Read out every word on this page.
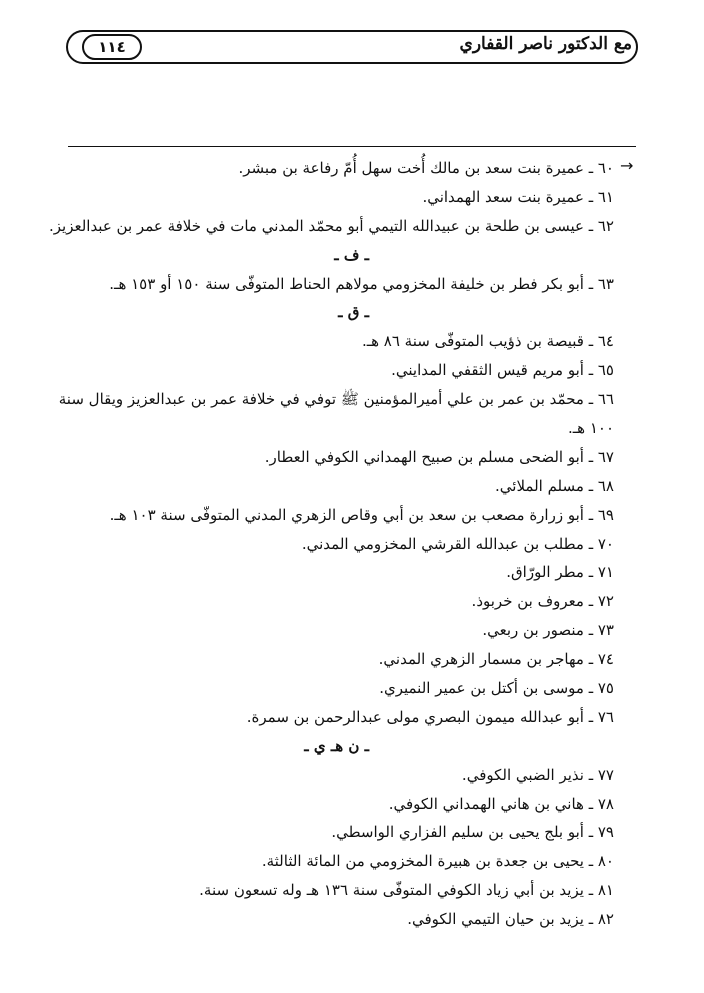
مع الدكتور ناصر القفاري
١١٤
→
٦٠ ـ عميرة بنت سعد بن مالك أُخت سهل أُمّ رفاعة بن مبشر.
٦١ ـ عميرة بنت سعد الهمداني.
٦٢ ـ عيسى بن طلحة بن عبيدالله التيمي أبو محمّد المدني مات في خلافة عمر بن عبدالعزيز.
ـ ف ـ
٦٣ ـ أبو بكر فطر بن خليفة المخزومي مولاهم الحناط المتوفّى سنة ١٥٠ أو ١٥٣ هـ.
ـ ق ـ
٦٤ ـ قبيصة بن ذؤيب المتوفّى سنة ٨٦ هـ.
٦٥ ـ أبو مريم قيس الثقفي المدايني.
٦٦ ـ محمّد بن عمر بن علي أميرالمؤمنين ﷺ توفي في خلافة عمر بن عبدالعزيز ويقال سنة
١٠٠ هـ.
٦٧ ـ أبو الضحى مسلم بن صبيح الهمداني الكوفي العطار.
٦٨ ـ مسلم الملائي.
٦٩ ـ أبو زرارة مصعب بن سعد بن أبي وقاص الزهري المدني المتوفّى سنة ١٠٣ هـ.
٧٠ ـ مطلب بن عبدالله القرشي المخزومي المدني.
٧١ ـ مطر الورّاق.
٧٢ ـ معروف بن خربوذ.
٧٣ ـ منصور بن ربعي.
٧٤ ـ مهاجر بن مسمار الزهري المدني.
٧٥ ـ موسى بن أكتل بن عمير النميري.
٧٦ ـ أبو عبدالله ميمون البصري مولى عبدالرحمن بن سمرة.
ـ ن هـ ي ـ
٧٧ ـ نذير الضبي الكوفي.
٧٨ ـ هاني بن هاني الهمداني الكوفي.
٧٩ ـ أبو بلج يحيى بن سليم الفزاري الواسطي.
٨٠ ـ يحيى بن جعدة بن هبيرة المخزومي من المائة الثالثة.
٨١ ـ يزيد بن أبي زياد الكوفي المتوفّى سنة ١٣٦ هـ وله تسعون سنة.
٨٢ ـ يزيد بن حيان التيمي الكوفي.
